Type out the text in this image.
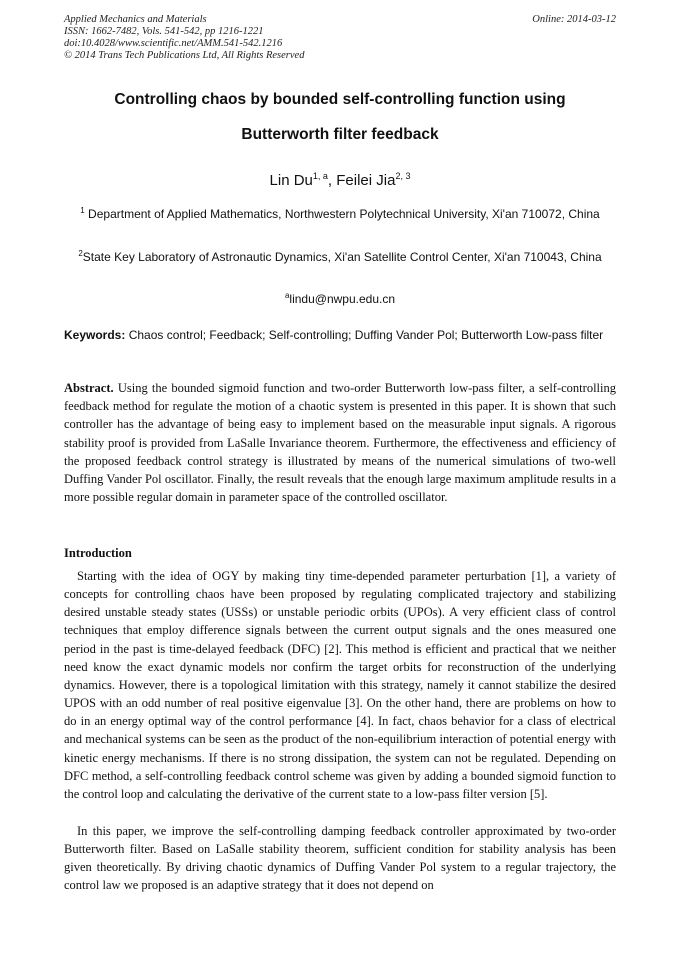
Applied Mechanics and Materials
ISSN: 1662-7482, Vols. 541-542, pp 1216-1221
doi:10.4028/www.scientific.net/AMM.541-542.1216
© 2014 Trans Tech Publications Ltd, All Rights Reserved
Online: 2014-03-12
Controlling chaos by bounded self-controlling function using
Butterworth filter feedback
Lin Du$^{1, a}$, Feilei Jia$^{2, 3}$
$^1$ Department of Applied Mathematics, Northwestern Polytechnical University, Xi'an 710072, China
$^2$State Key Laboratory of Astronautic Dynamics, Xi'an Satellite Control Center, Xi'an 710043, China
$^a$lindu@nwpu.edu.cn
Keywords: Chaos control; Feedback; Self-controlling; Duffing Vander Pol; Butterworth Low-pass filter
Abstract. Using the bounded sigmoid function and two-order Butterworth low-pass filter, a self-controlling feedback method for regulate the motion of a chaotic system is presented in this paper. It is shown that such controller has the advantage of being easy to implement based on the measurable input signals. A rigorous stability proof is provided from LaSalle Invariance theorem. Furthermore, the effectiveness and efficiency of the proposed feedback control strategy is illustrated by means of the numerical simulations of two-well Duffing Vander Pol oscillator. Finally, the result reveals that the enough large maximum amplitude results in a more possible regular domain in parameter space of the controlled oscillator.
Introduction
Starting with the idea of OGY by making tiny time-depended parameter perturbation [1], a variety of concepts for controlling chaos have been proposed by regulating complicated trajectory and stabilizing desired unstable steady states (USSs) or unstable periodic orbits (UPOs). A very efficient class of control techniques that employ difference signals between the current output signals and the ones measured one period in the past is time-delayed feedback (DFC) [2]. This method is efficient and practical that we neither need know the exact dynamic models nor confirm the target orbits for reconstruction of the underlying dynamics. However, there is a topological limitation with this strategy, namely it cannot stabilize the desired UPOS with an odd number of real positive eigenvalue [3]. On the other hand, there are problems on how to do in an energy optimal way of the control performance [4]. In fact, chaos behavior for a class of electrical and mechanical systems can be seen as the product of the non-equilibrium interaction of potential energy with kinetic energy mechanisms. If there is no strong dissipation, the system can not be regulated. Depending on DFC method, a self-controlling feedback control scheme was given by adding a bounded sigmoid function to the control loop and calculating the derivative of the current state to a low-pass filter version [5].
In this paper, we improve the self-controlling damping feedback controller approximated by two-order Butterworth filter. Based on LaSalle stability theorem, sufficient condition for stability analysis has been given theoretically. By driving chaotic dynamics of Duffing Vander Pol system to a regular trajectory, the control law we proposed is an adaptive strategy that it does not depend on
